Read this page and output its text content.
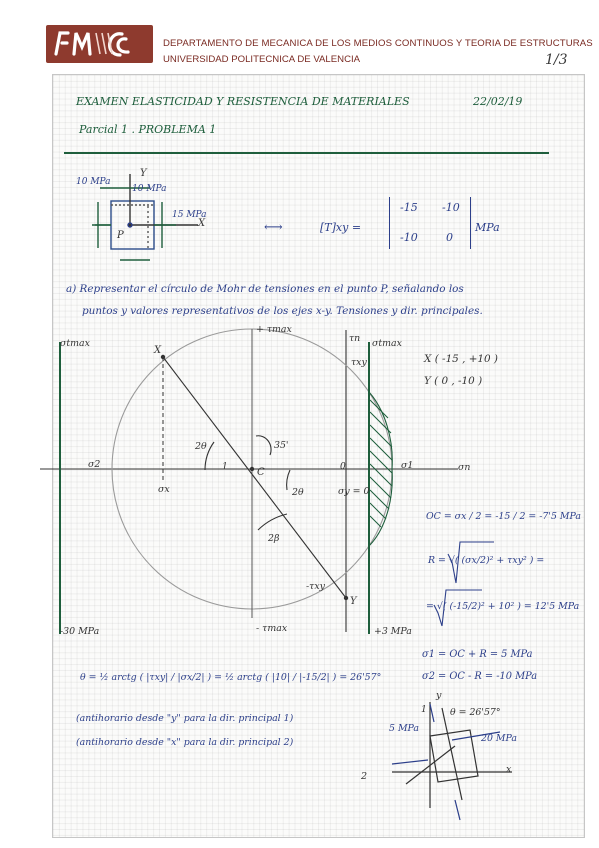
DEPARTAMENTO DE MECANICA DE LOS MEDIOS CONTINUOS Y TEORIA DE ESTRUCTURAS
UNIVERSIDAD POLITECNICA DE VALENCIA	1/3
EXAMEN ELASTICIDAD Y RESISTENCIA DE MATERIALES	22/02/19
Parcial 1 . PROBLEMA 1
10 MPa
10 MPa
15 MPa
X
Y
P
⟷	[T]xy =
-15 -10
-10	0
MPa
a) Representar el círculo de Mohr de tensiones en el punto P, señalando los
puntos y valores representativos de los ejes x-y. Tensiones y dir. principales.
σtmax	σtmax
+ τmax
- τmax
τn
τxy
-τxy
σn
σ1
σ2
σx	σy = 0
X
Y
C	0
2θ
2θ
2β
1
35'
-30 MPa	+3 MPa
X ( -15 , +10 )
Y ( 0 , -10 )
OC = σx / 2 = -15 / 2 = -7'5 MPa
R = √( (σx/2)² + τxy² ) =
= √( (-15/2)² + 10² ) = 12'5 MPa
σ1 = OC + R = 5 MPa
σ2 = OC - R = -10 MPa
θ = ½ arctg ( |τxy| / |σx/2| ) = ½ arctg ( |10| / |-15/2| ) = 26'57°
(antihorario desde "y" para la dir. principal 1)
(antihorario desde "x" para la dir. principal 2)
5 MPa
20 MPa
θ = 26'57°
1
2
x
y
